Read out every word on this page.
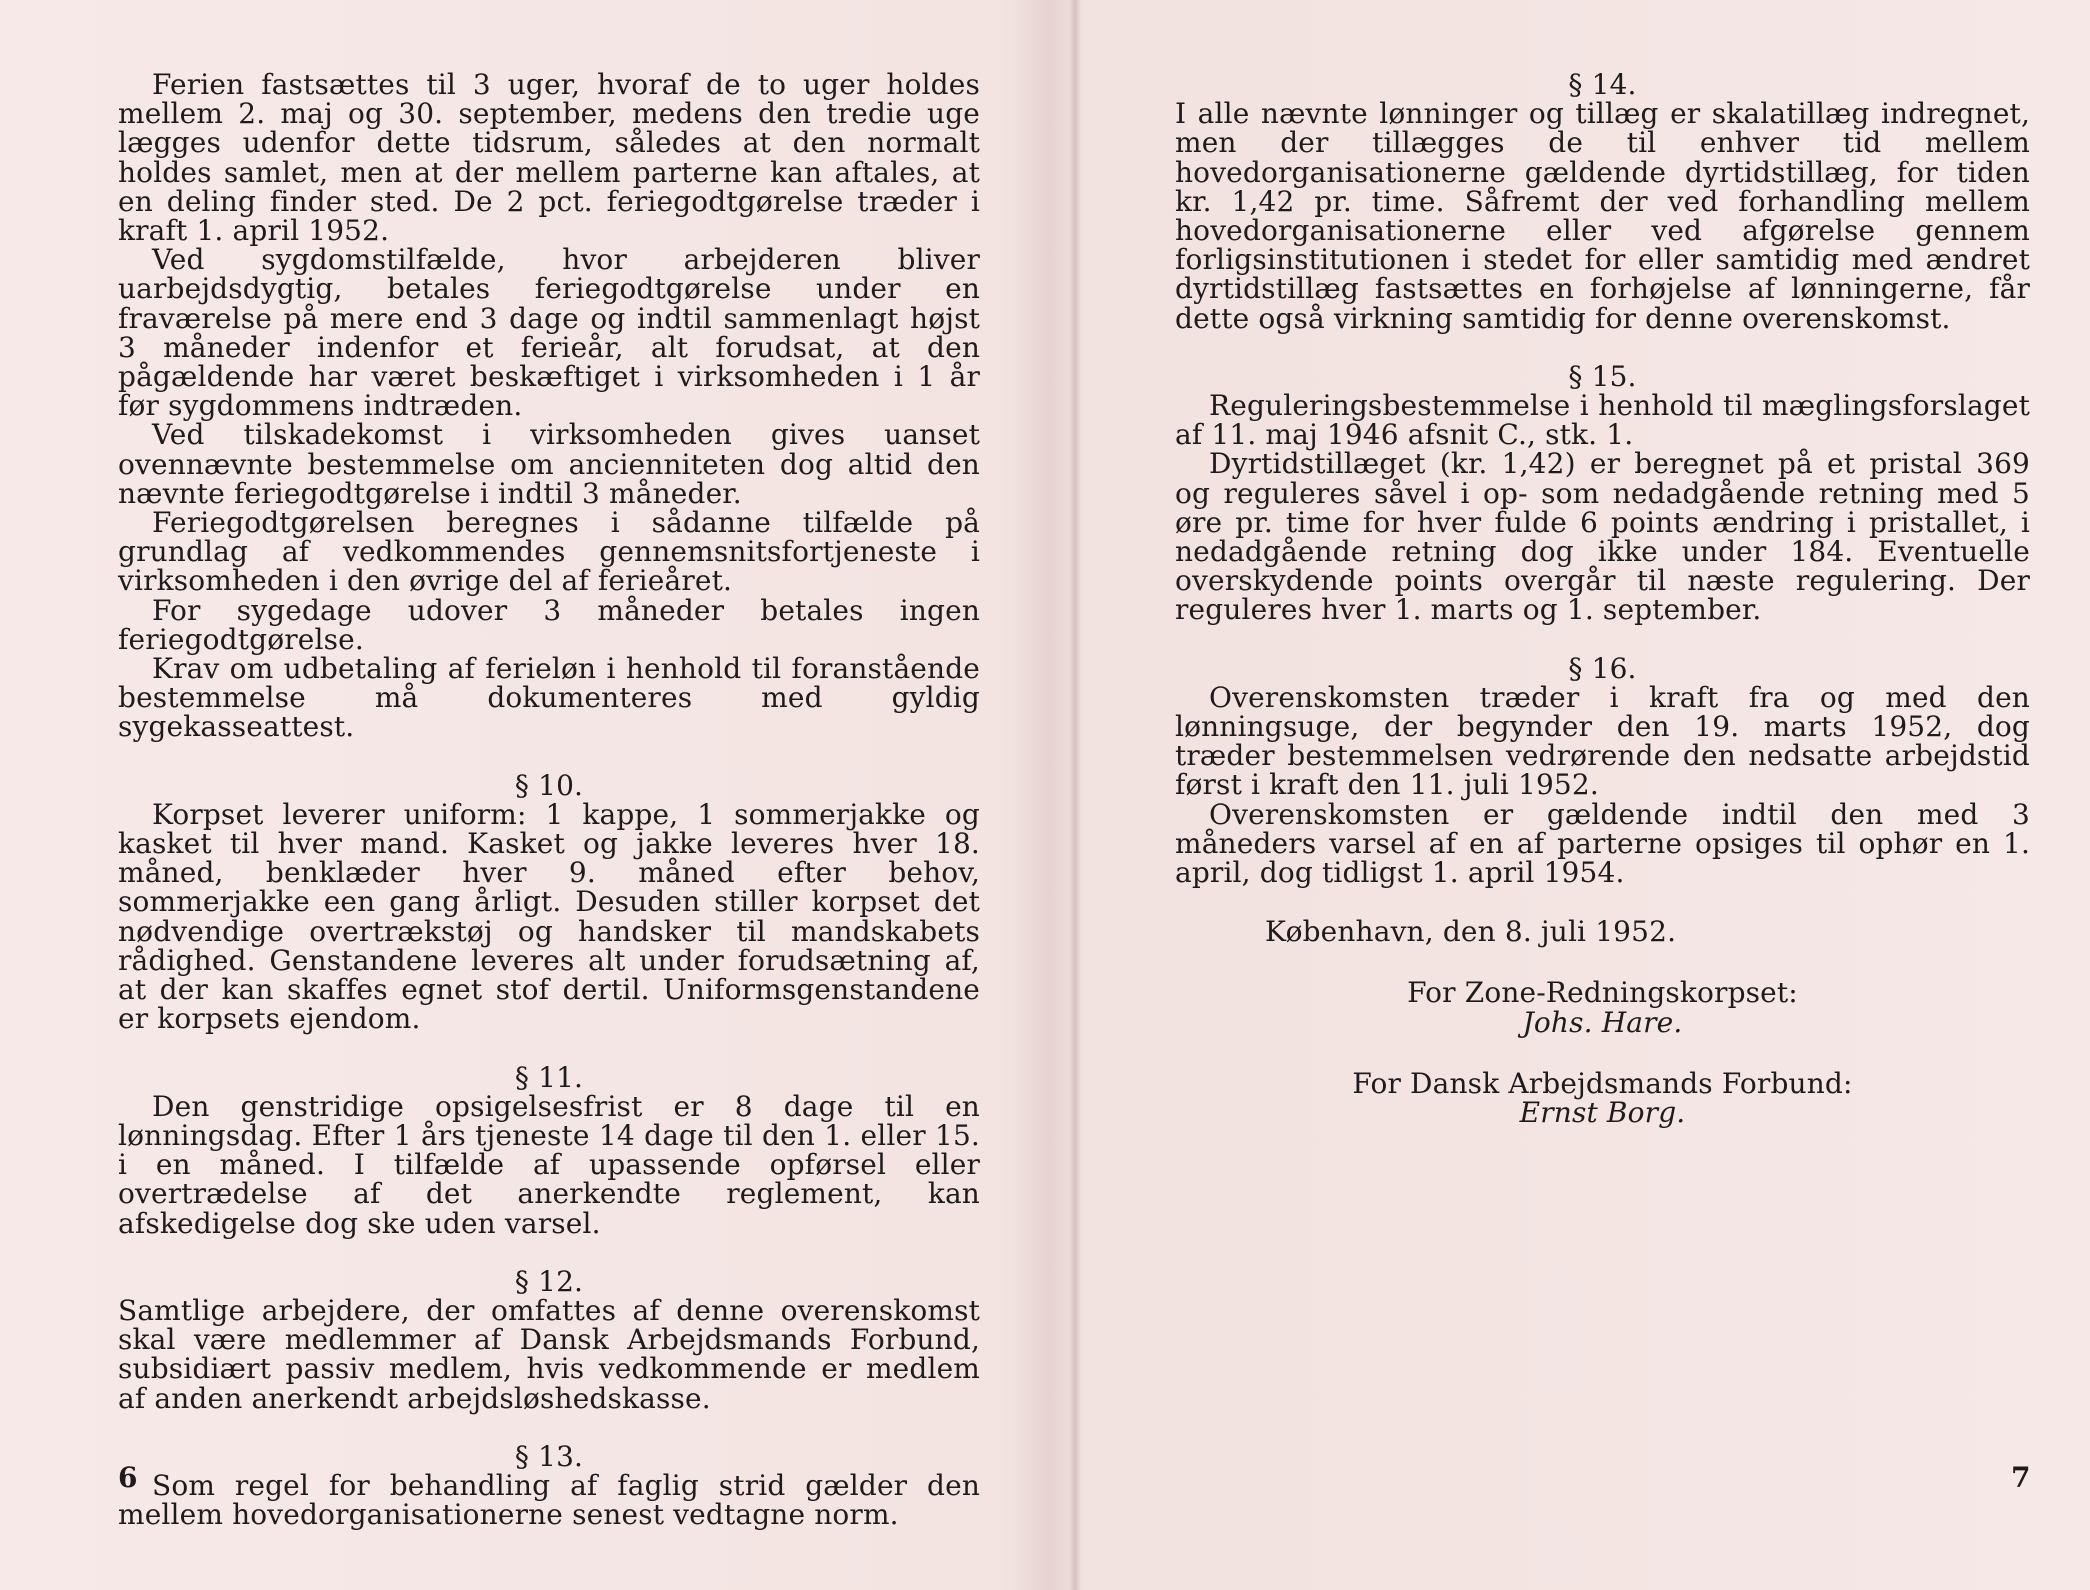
Ferien fastsættes til 3 uger, hvoraf de to uger holdes mellem 2. maj og 30. september, medens den tredie uge lægges udenfor dette tidsrum, således at den normalt holdes samlet, men at der mellem parterne kan aftales, at en deling finder sted. De 2 pct. feriegodtgørelse træder i kraft 1. april 1952.

Ved sygdomstilfælde, hvor arbejderen bliver uarbejdsdygtig, betales feriegodtgørelse under en fraværelse på mere end 3 dage og indtil sammenlagt højst 3 måneder indenfor et ferieår, alt forudsat, at den pågældende har været beskæftiget i virksomheden i 1 år før sygdommens indtræden.

Ved tilskadekomst i virksomheden gives uanset ovennævnte bestemmelse om ancienniteten dog altid den nævnte feriegodtgørelse i indtil 3 måneder.

Feriegodtgørelsen beregnes i sådanne tilfælde på grundlag af vedkommendes gennemsnitsfortjeneste i virksomheden i den øvrige del af ferieåret.

For sygedage udover 3 måneder betales ingen feriegodtgørelse.

Krav om udbetaling af ferieløn i henhold til foranstående bestemmelse må dokumenteres med gyldig sygekasseattest.

§ 10.

Korpset leverer uniform: 1 kappe, 1 sommerjakke og kasket til hver mand. Kasket og jakke leveres hver 18. måned, benklæder hver 9. måned efter behov, sommerjakke een gang årligt. Desuden stiller korpset det nødvendige overtrækstøj og handsker til mandskabets rådighed. Genstandene leveres alt under forudsætning af, at der kan skaffes egnet stof dertil. Uniformsgenstandene er korpsets ejendom.

§ 11.

Den genstridige opsigelsesfrist er 8 dage til en lønningsdag. Efter 1 års tjeneste 14 dage til den 1. eller 15. i en måned. I tilfælde af upassende opførsel eller overtrædelse af det anerkendte reglement, kan afskedigelse dog ske uden varsel.

§ 12.

Samtlige arbejdere, der omfattes af denne overenskomst skal være medlemmer af Dansk Arbejdsmands Forbund, subsidiært passiv medlem, hvis vedkommende er medlem af anden anerkendt arbejdsløshedskasse.

§ 13.

Som regel for behandling af faglig strid gælder den mellem hovedorganisationerne senest vedtagne norm.

6
§ 14.

I alle nævnte lønninger og tillæg er skalatillæg indregnet, men der tillægges de til enhver tid mellem hovedorganisationerne gældende dyrtidstillæg, for tiden kr. 1,42 pr. time. Såfremt der ved forhandling mellem hovedorganisationerne eller ved afgørelse gennem forligsinstitutionen i stedet for eller samtidig med ændret dyrtidstillæg fastsættes en forhøjelse af lønningerne, får dette også virkning samtidig for denne overenskomst.

§ 15.

Reguleringsbestemmelse i henhold til mæglingsforslaget af 11. maj 1946 afsnit C., stk. 1.

Dyrtidstillæget (kr. 1,42) er beregnet på et pristal 369 og reguleres såvel i op- som nedadgående retning med 5 øre pr. time for hver fulde 6 points ændring i pristallet, i nedadgående retning dog ikke under 184. Eventuelle overskydende points overgår til næste regulering. Der reguleres hver 1. marts og 1. september.

§ 16.

Overenskomsten træder i kraft fra og med den lønningsuge, der begynder den 19. marts 1952, dog træder bestemmelsen vedrørende den nedsatte arbejdstid først i kraft den 11. juli 1952.

Overenskomsten er gældende indtil den med 3 måneders varsel af en af parterne opsiges til ophør en 1. april, dog tidligst 1. april 1954.

København, den 8. juli 1952.

For Zone-Redningskorpset:
Johs. Hare.
For Dansk Arbejdsmands Forbund:
Ernst Borg.
7
